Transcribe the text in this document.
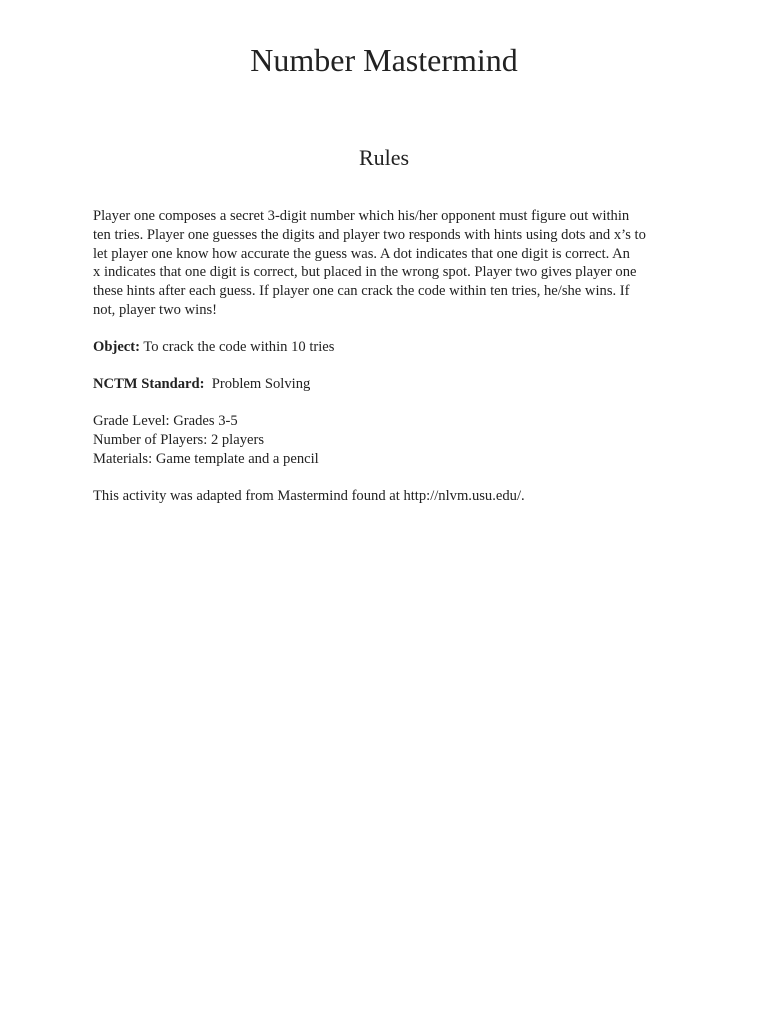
Number Mastermind
Rules

Player one composes a secret 3-digit number which his/her opponent must figure out within
ten tries. Player one guesses the digits and player two responds with hints using dots and x’s to
let player one know how accurate the guess was. A dot indicates that one digit is correct. An
x indicates that one digit is correct, but placed in the wrong spot. Player two gives player one
these hints after each guess. If player one can crack the code within ten tries, he/she wins. If
not, player two wins!

Object: To crack the code within 10 tries

NCTM Standard:  Problem Solving

Grade Level: Grades 3-5
Number of Players: 2 players
Materials: Game template and a pencil

This activity was adapted from Mastermind found at http://nlvm.usu.edu/.
